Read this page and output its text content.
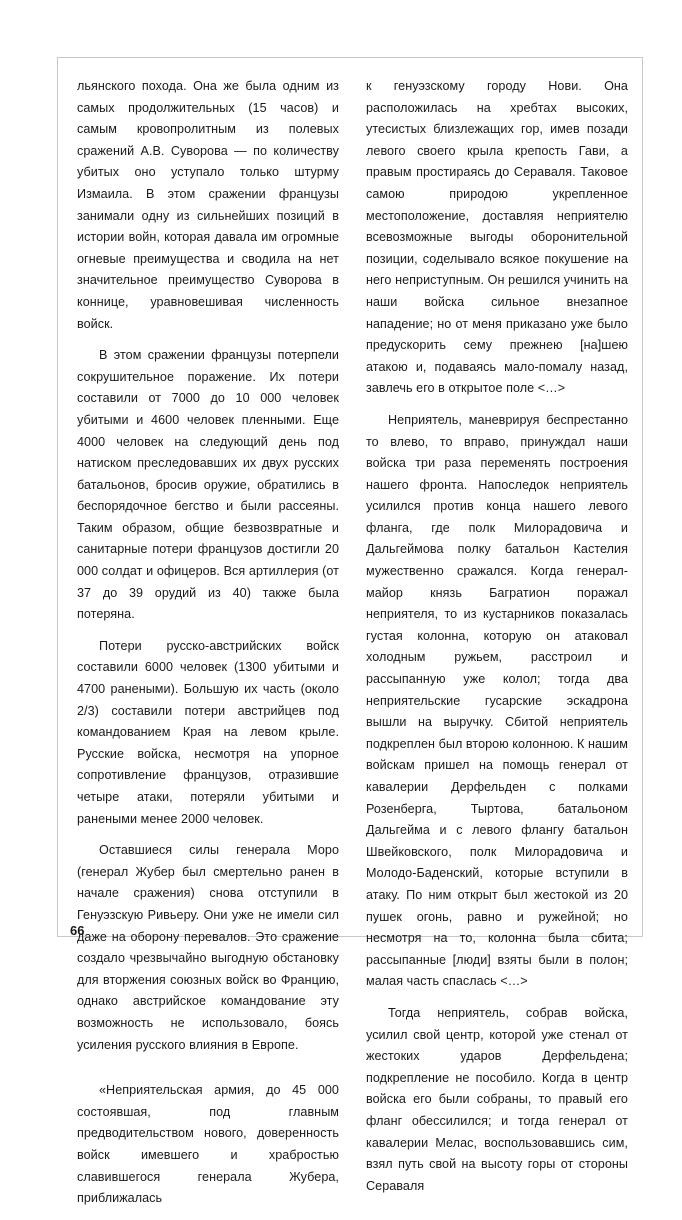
льянского похода. Она же была одним из самых продолжительных (15 часов) и самым кровопролитным из полевых сражений А.В. Суворова — по количеству убитых оно уступало только штурму Измаила. В этом сражении французы занимали одну из сильнейших позиций в истории войн, которая давала им огромные огневые преимущества и сводила на нет значительное преимущество Суворова в коннице, уравновешивая численность войск.

В этом сражении французы потерпели сокрушительное поражение. Их потери составили от 7000 до 10 000 человек убитыми и 4600 человек пленными. Еще 4000 человек на следующий день под натиском преследовавших их двух русских батальонов, бросив оружие, обратились в беспорядочное бегство и были рассеяны. Таким образом, общие безвозвратные и санитарные потери французов достигли 20 000 солдат и офицеров. Вся артиллерия (от 37 до 39 орудий из 40) также была потеряна.

Потери русско-австрийских войск составили 6000 человек (1300 убитыми и 4700 ранеными). Большую их часть (около 2/3) составили потери австрийцев под командованием Края на левом крыле. Русские войска, несмотря на упорное сопротивление французов, отразившие четыре атаки, потеряли убитыми и ранеными менее 2000 человек.

Оставшиеся силы генерала Моро (генерал Жубер был смертельно ранен в начале сражения) снова отступили в Генуэзскую Ривьеру. Они уже не имели сил даже на оборону перевалов. Это сражение создало чрезвычайно выгодную обстановку для вторжения союзных войск во Францию, однако австрийское командование эту возможность не использовало, боясь усиления русского влияния в Европе.

«Неприятельская армия, до 45 000 состоявшая, под главным предводительством нового, доверенность войск имевшего и храбростью славившегося генерала Жубера, приближалась

к генуэзскому городу Нови. Она расположилась на хребтах высоких, утесистых близлежащих гор, имев позади левого своего крыла крепость Гави, а правым простираясь до Сераваля. Таковое самою природою укрепленное местоположение, доставляя неприятелю всевозможные выгоды оборонительной позиции, соделывало всякое покушение на него неприступным. Он решился учинить на наши войска сильное внезапное нападение; но от меня приказано уже было предускорить сему прежнею [на]шею атакою и, подаваясь мало-помалу назад, завлечь его в открытое поле <…>

Неприятель, маневрируя беспрестанно то влево, то вправо, принуждал наши войска три раза переменять построения нашего фронта. Напоследок неприятель усилился против конца нашего левого фланга, где полк Милорадовича и Дальгеймова полку батальон Кастелия мужественно сражался. Когда генерал-майор князь Багратион поражал неприятеля, то из кустарников показалась густая колонна, которую он атаковал холодным ружьем, расстроил и рассыпанную уже колол; тогда два неприятельские гусарские эскадрона вышли на выручку. Сбитой неприятель подкреплен был второю колонною. К нашим войскам пришел на помощь генерал от кавалерии Дерфельден с полками Розенберга, Тыртова, батальоном Дальгейма и с левого флангу батальон Швейковского, полк Милорадовича и Молодо-Баденский, которые вступили в атаку. По ним открыт был жестокой из 20 пушек огонь, равно и ружейной; но несмотря на то, колонна была сбита; рассыпанные [люди] взяты были в полон; малая часть спаслась <…>

Тогда неприятель, собрав войска, усилил свой центр, которой уже стенал от жестоких ударов Дерфельдена; подкрепление не пособило. Когда в центр войска его были собраны, то правый его фланг обессилился; и тогда генерал от кавалерии Мелас, воспользовавшись сим, взял путь свой на высоту горы от стороны Сераваля

66
